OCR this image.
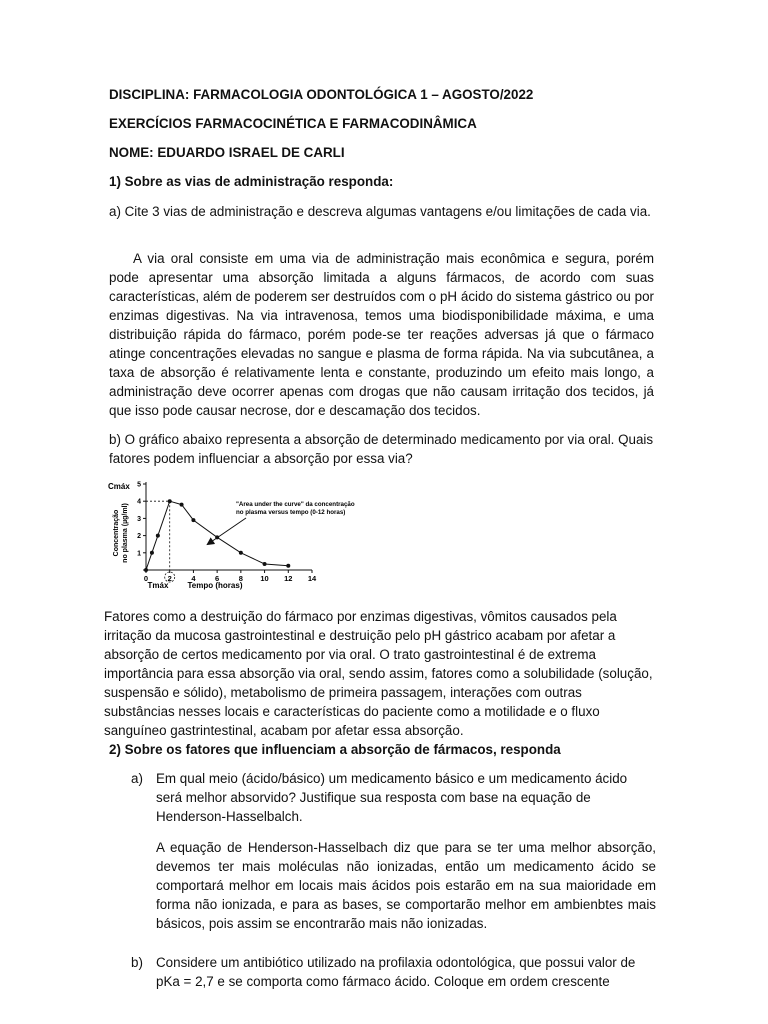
DISCIPLINA: FARMACOLOGIA ODONTOLÓGICA 1 – AGOSTO/2022
EXERCÍCIOS FARMACOCINÉTICA E FARMACODINÂMICA
NOME: EDUARDO ISRAEL DE CARLI
1) Sobre as vias de administração responda:
a) Cite 3 vias de administração e descreva algumas vantagens e/ou limitações de cada via.
A via oral consiste em uma via de administração mais econômica e segura, porém pode apresentar uma absorção limitada a alguns fármacos, de acordo com suas características, além de poderem ser destruídos com o pH ácido do sistema gástrico ou por enzimas digestivas. Na via intravenosa, temos uma biodisponibilidade máxima, e uma distribuição rápida do fármaco, porém pode-se ter reações adversas já que o fármaco atinge concentrações elevadas no sangue e plasma de forma rápida. Na via subcutânea, a taxa de absorção é relativamente lenta e constante, produzindo um efeito mais longo, a administração deve ocorrer apenas com drogas que não causam irritação dos tecidos, já que isso pode causar necrose, dor e descamação dos tecidos.
b) O gráfico abaixo representa a absorção de determinado medicamento por via oral. Quais fatores podem influenciar a absorção por essa via?
0	2	4	6	8 10 12 14
1
2
3
4
5
Cmáx
Tmáx Tempo (horas)
Concentração no plasma (µg/ml)	"Area under the curve" da concentração
no plasma versus tempo (0-12 horas)
Fatores como a destruição do fármaco por enzimas digestivas, vômitos causados pela irritação da mucosa gastrointestinal e destruição pelo pH gástrico acabam por afetar a absorção de certos medicamento por via oral. O trato gastrointestinal é de extrema importância para essa absorção via oral, sendo assim, fatores como a solubilidade (solução, suspensão e sólido), metabolismo de primeira passagem, interações com outras substâncias nesses locais e características do paciente como a motilidade e o fluxo sanguíneo gastrintestinal, acabam por afetar essa absorção.
2) Sobre os fatores que influenciam a absorção de fármacos, responda
a) Em qual meio (ácido/básico) um medicamento básico e um medicamento ácido será melhor absorvido? Justifique sua resposta com base na equação de Henderson-Hasselbalch.
A equação de Henderson-Hasselbach diz que para se ter uma melhor absorção, devemos ter mais moléculas não ionizadas, então um medicamento ácido se comportará melhor em locais mais ácidos pois estarão em na sua maioridade em forma não ionizada, e para as bases, se comportarão melhor em ambienbtes mais básicos, pois assim se encontrarão mais não ionizadas.
b) Considere um antibiótico utilizado na profilaxia odontológica, que possui valor de pKa = 2,7 e se comporta como fármaco ácido. Coloque em ordem crescente
